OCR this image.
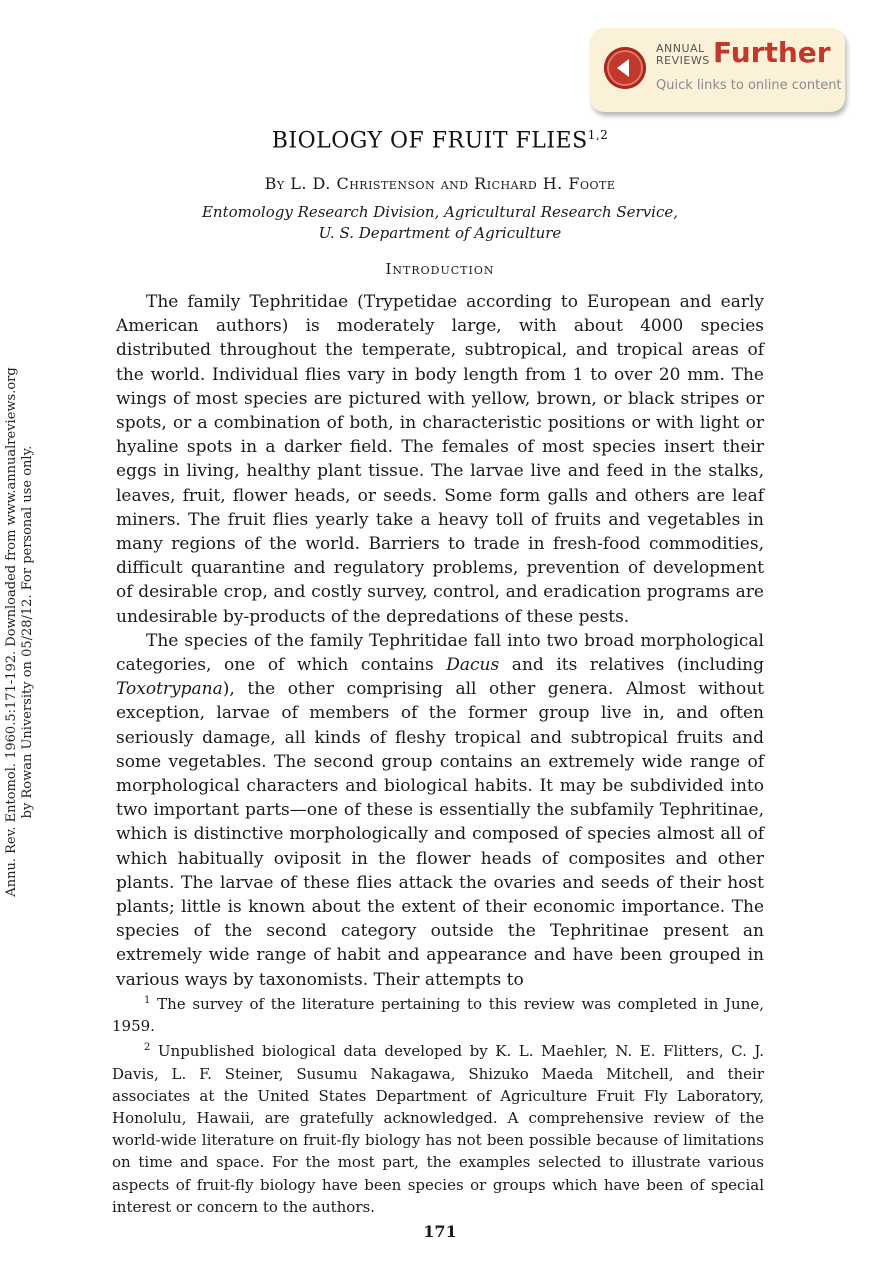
ANNUAL
REVIEWS Further
Quick links to online content
Annu. Rev. Entomol. 1960.5:171-192. Downloaded from www.annualreviews.org by Rowan University on 05/28/12. For personal use only.
BIOLOGY OF FRUIT FLIES$^{1,2}$
By L. D. Christenson and Richard H. Foote
Entomology Research Division, Agricultural Research Service,
U. S. Department of Agriculture
Introduction

The family Tephritidae (Trypetidae according to European and early American authors) is moderately large, with about 4000 species distributed throughout the temperate, subtropical, and tropical areas of the world. Individual flies vary in body length from 1 to over 20 mm. The wings of most species are pictured with yellow, brown, or black stripes or spots, or a combination of both, in characteristic positions or with light or hyaline spots in a darker field. The females of most species insert their eggs in living, healthy plant tissue. The larvae live and feed in the stalks, leaves, fruit, flower heads, or seeds. Some form galls and others are leaf miners. The fruit flies yearly take a heavy toll of fruits and vegetables in many regions of the world. Barriers to trade in fresh-food commodities, difficult quarantine and regulatory problems, prevention of development of desirable crop, and costly survey, control, and eradication programs are undesirable by-products of the depredations of these pests.

The species of the family Tephritidae fall into two broad morphological categories, one of which contains Dacus and its relatives (including Toxotrypana), the other comprising all other genera. Almost without exception, larvae of members of the former group live in, and often seriously damage, all kinds of fleshy tropical and subtropical fruits and some vegetables. The second group contains an extremely wide range of morphological characters and biological habits. It may be subdivided into two important parts—one of these is essentially the subfamily Tephritinae, which is distinctive morphologically and composed of species almost all of which habitually oviposit in the flower heads of composites and other plants. The larvae of these flies attack the ovaries and seeds of their host plants; little is known about the extent of their economic importance. The species of the second category outside the Tephritinae present an extremely wide range of habit and appearance and have been grouped in various ways by taxonomists. Their attempts to

$^1$ The survey of the literature pertaining to this review was completed in June, 1959.

$^2$ Unpublished biological data developed by K. L. Maehler, N. E. Flitters, C. J. Davis, L. F. Steiner, Susumu Nakagawa, Shizuko Maeda Mitchell, and their associates at the United States Department of Agriculture Fruit Fly Laboratory, Honolulu, Hawaii, are gratefully acknowledged. A comprehensive review of the world-wide literature on fruit-fly biology has not been possible because of limitations on time and space. For the most part, the examples selected to illustrate various aspects of fruit-fly biology have been species or groups which have been of special interest or concern to the authors.

171
